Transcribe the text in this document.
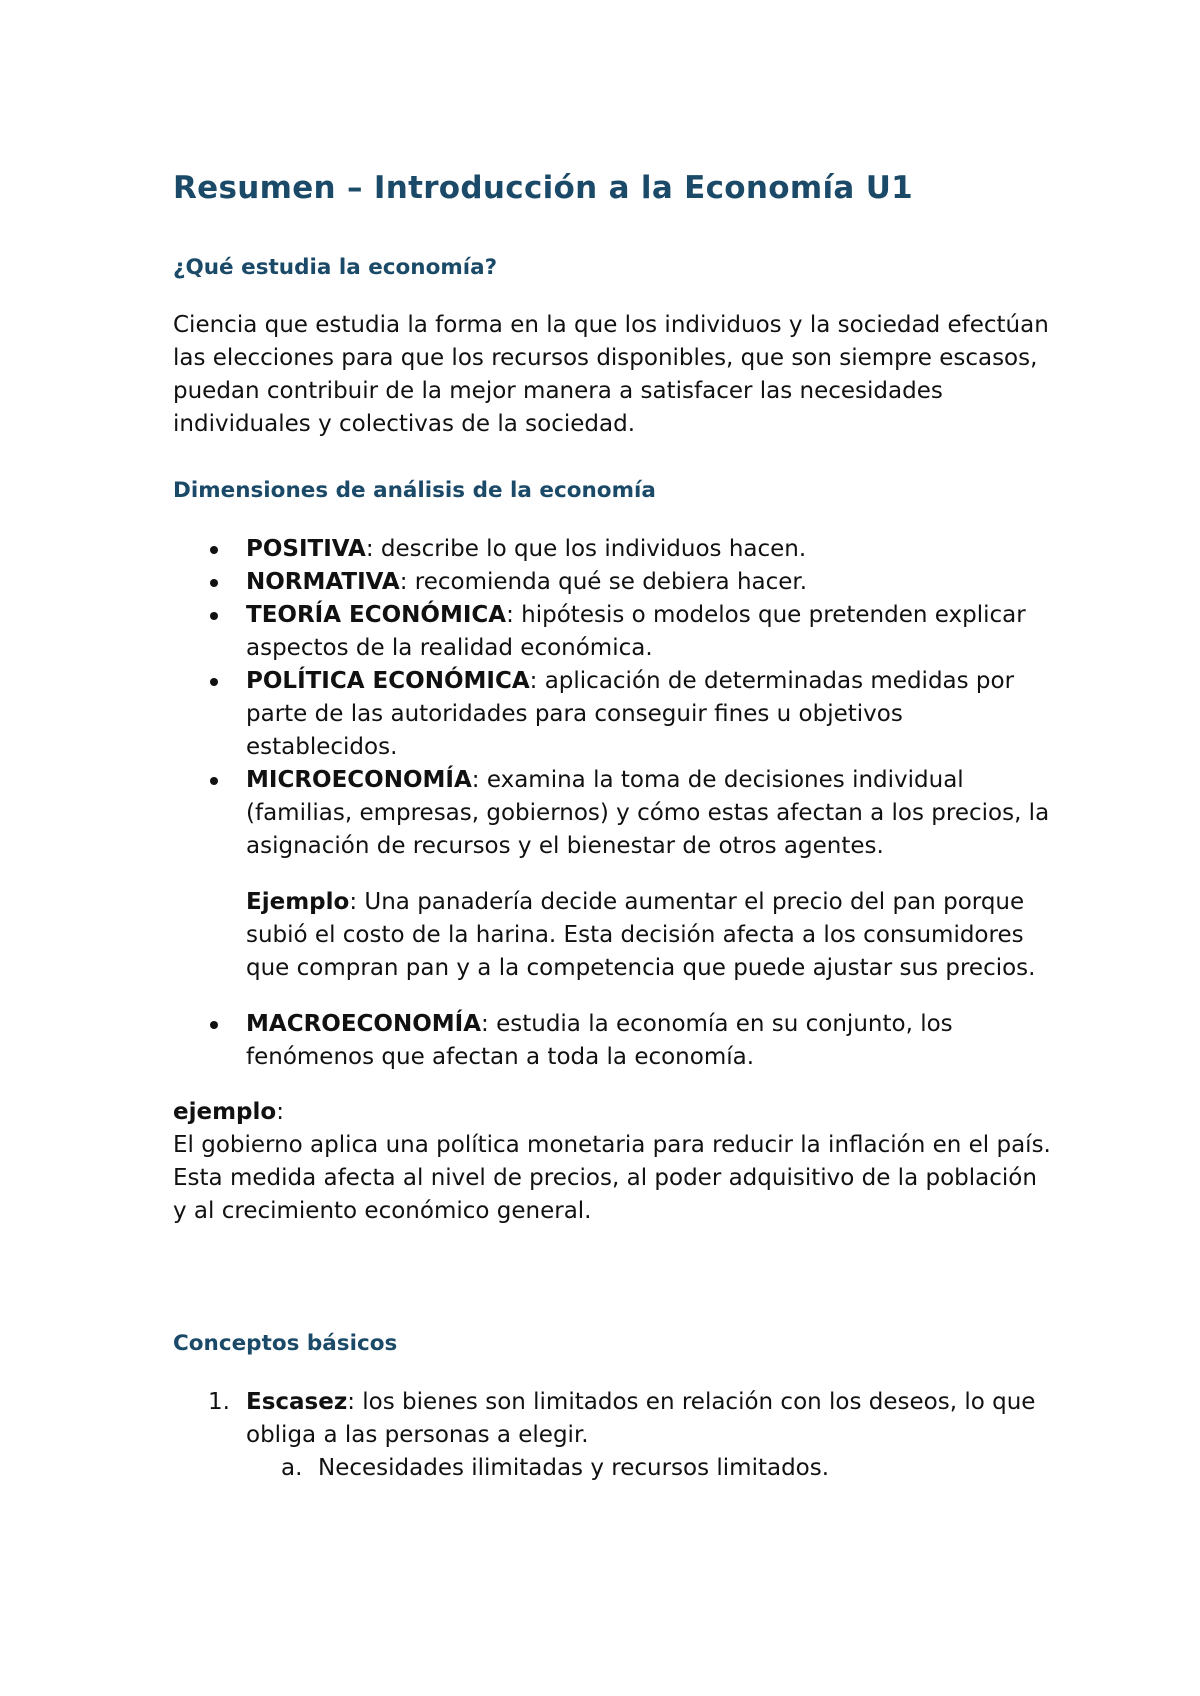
Resumen – Introducción a la Economía U1
¿Qué estudia la economía?

Ciencia que estudia la forma en la que los individuos y la sociedad efectúan las elecciones para que los recursos disponibles, que son siempre escasos, puedan contribuir de la mejor manera a satisfacer las necesidades individuales y colectivas de la sociedad.

Dimensiones de análisis de la economía
POSITIVA: describe lo que los individuos hacen.
NORMATIVA: recomienda qué se debiera hacer.
TEORÍA ECONÓMICA: hipótesis o modelos que pretenden explicar aspectos de la realidad económica.
POLÍTICA ECONÓMICA: aplicación de determinadas medidas por parte de las autoridades para conseguir fines u objetivos establecidos.
MICROECONOMÍA: examina la toma de decisiones individual (familias, empresas, gobiernos) y cómo estas afectan a los precios, la asignación de recursos y el bienestar de otros agentes.

Ejemplo: Una panadería decide aumentar el precio del pan porque subió el costo de la harina. Esta decisión afecta a los consumidores que compran pan y a la competencia que puede ajustar sus precios.

MACROECONOMÍA: estudia la economía en su conjunto, los fenómenos que afectan a toda la economía.

ejemplo:

El gobierno aplica una política monetaria para reducir la inflación en el país. Esta medida afecta al nivel de precios, al poder adquisitivo de la población y al crecimiento económico general.

Conceptos básicos
1. Escasez: los bienes son limitados en relación con los deseos, lo que obliga a las personas a elegir.
a. Necesidades ilimitadas y recursos limitados.
